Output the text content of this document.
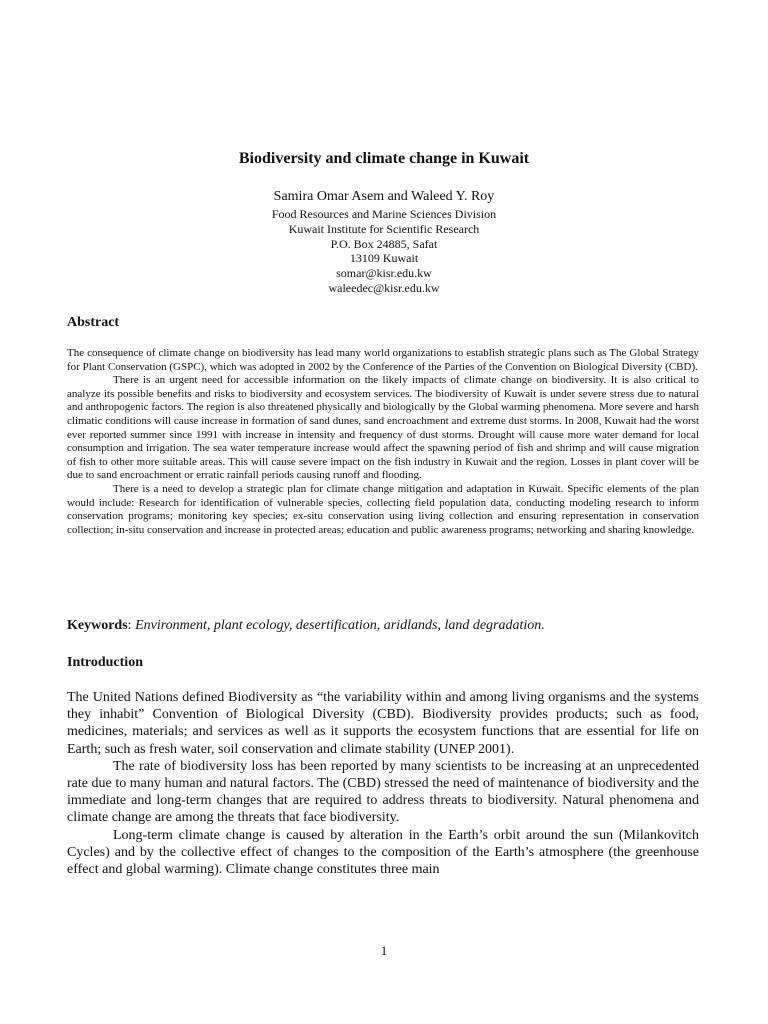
Biodiversity and climate change in Kuwait
Samira Omar Asem and Waleed Y. Roy
Food Resources and Marine Sciences Division
Kuwait Institute for Scientific Research
P.O. Box 24885, Safat
13109 Kuwait
somar@kisr.edu.kw
waleedec@kisr.edu.kw
Abstract

The consequence of climate change on biodiversity has lead many world organizations to establish strategic plans such as The Global Strategy for Plant Conservation (GSPC), which was adopted in 2002 by the Conference of the Parties of the Convention on Biological Diversity (CBD).

There is an urgent need for accessible information on the likely impacts of climate change on biodiversity. It is also critical to analyze its possible benefits and risks to biodiversity and ecosystem services. The biodiversity of Kuwait is under severe stress due to natural and anthropogenic factors. The region is also threatened physically and biologically by the Global warming phenomena. More severe and harsh climatic conditions will cause increase in formation of sand dunes, sand encroachment and extreme dust storms. In 2008, Kuwait had the worst ever reported summer since 1991 with increase in intensity and frequency of dust storms. Drought will cause more water demand for local consumption and irrigation. The sea water temperature increase would affect the spawning period of fish and shrimp and will cause migration of fish to other more suitable areas. This will cause severe impact on the fish industry in Kuwait and the region. Losses in plant cover will be due to sand encroachment or erratic rainfall periods causing runoff and flooding.

There is a need to develop a strategic plan for climate change mitigation and adaptation in Kuwait. Specific elements of the plan would include: Research for identification of vulnerable species, collecting field population data, conducting modeling research to inform conservation programs; monitoring key species; ex-situ conservation using living collection and ensuring representation in conservation collection; in-situ conservation and increase in protected areas; education and public awareness programs; networking and sharing knowledge.

Keywords: Environment, plant ecology, desertification, aridlands, land degradation.
Introduction

The United Nations defined Biodiversity as “the variability within and among living organisms and the systems they inhabit” Convention of Biological Diversity (CBD). Biodiversity provides products; such as food, medicines, materials; and services as well as it supports the ecosystem functions that are essential for life on Earth; such as fresh water, soil conservation and climate stability (UNEP 2001).

The rate of biodiversity loss has been reported by many scientists to be increasing at an unprecedented rate due to many human and natural factors. The (CBD) stressed the need of maintenance of biodiversity and the immediate and long-term changes that are required to address threats to biodiversity. Natural phenomena and climate change are among the threats that face biodiversity.

Long-term climate change is caused by alteration in the Earth’s orbit around the sun (Milankovitch Cycles) and by the collective effect of changes to the composition of the Earth’s atmosphere (the greenhouse effect and global warming). Climate change constitutes three main

1
